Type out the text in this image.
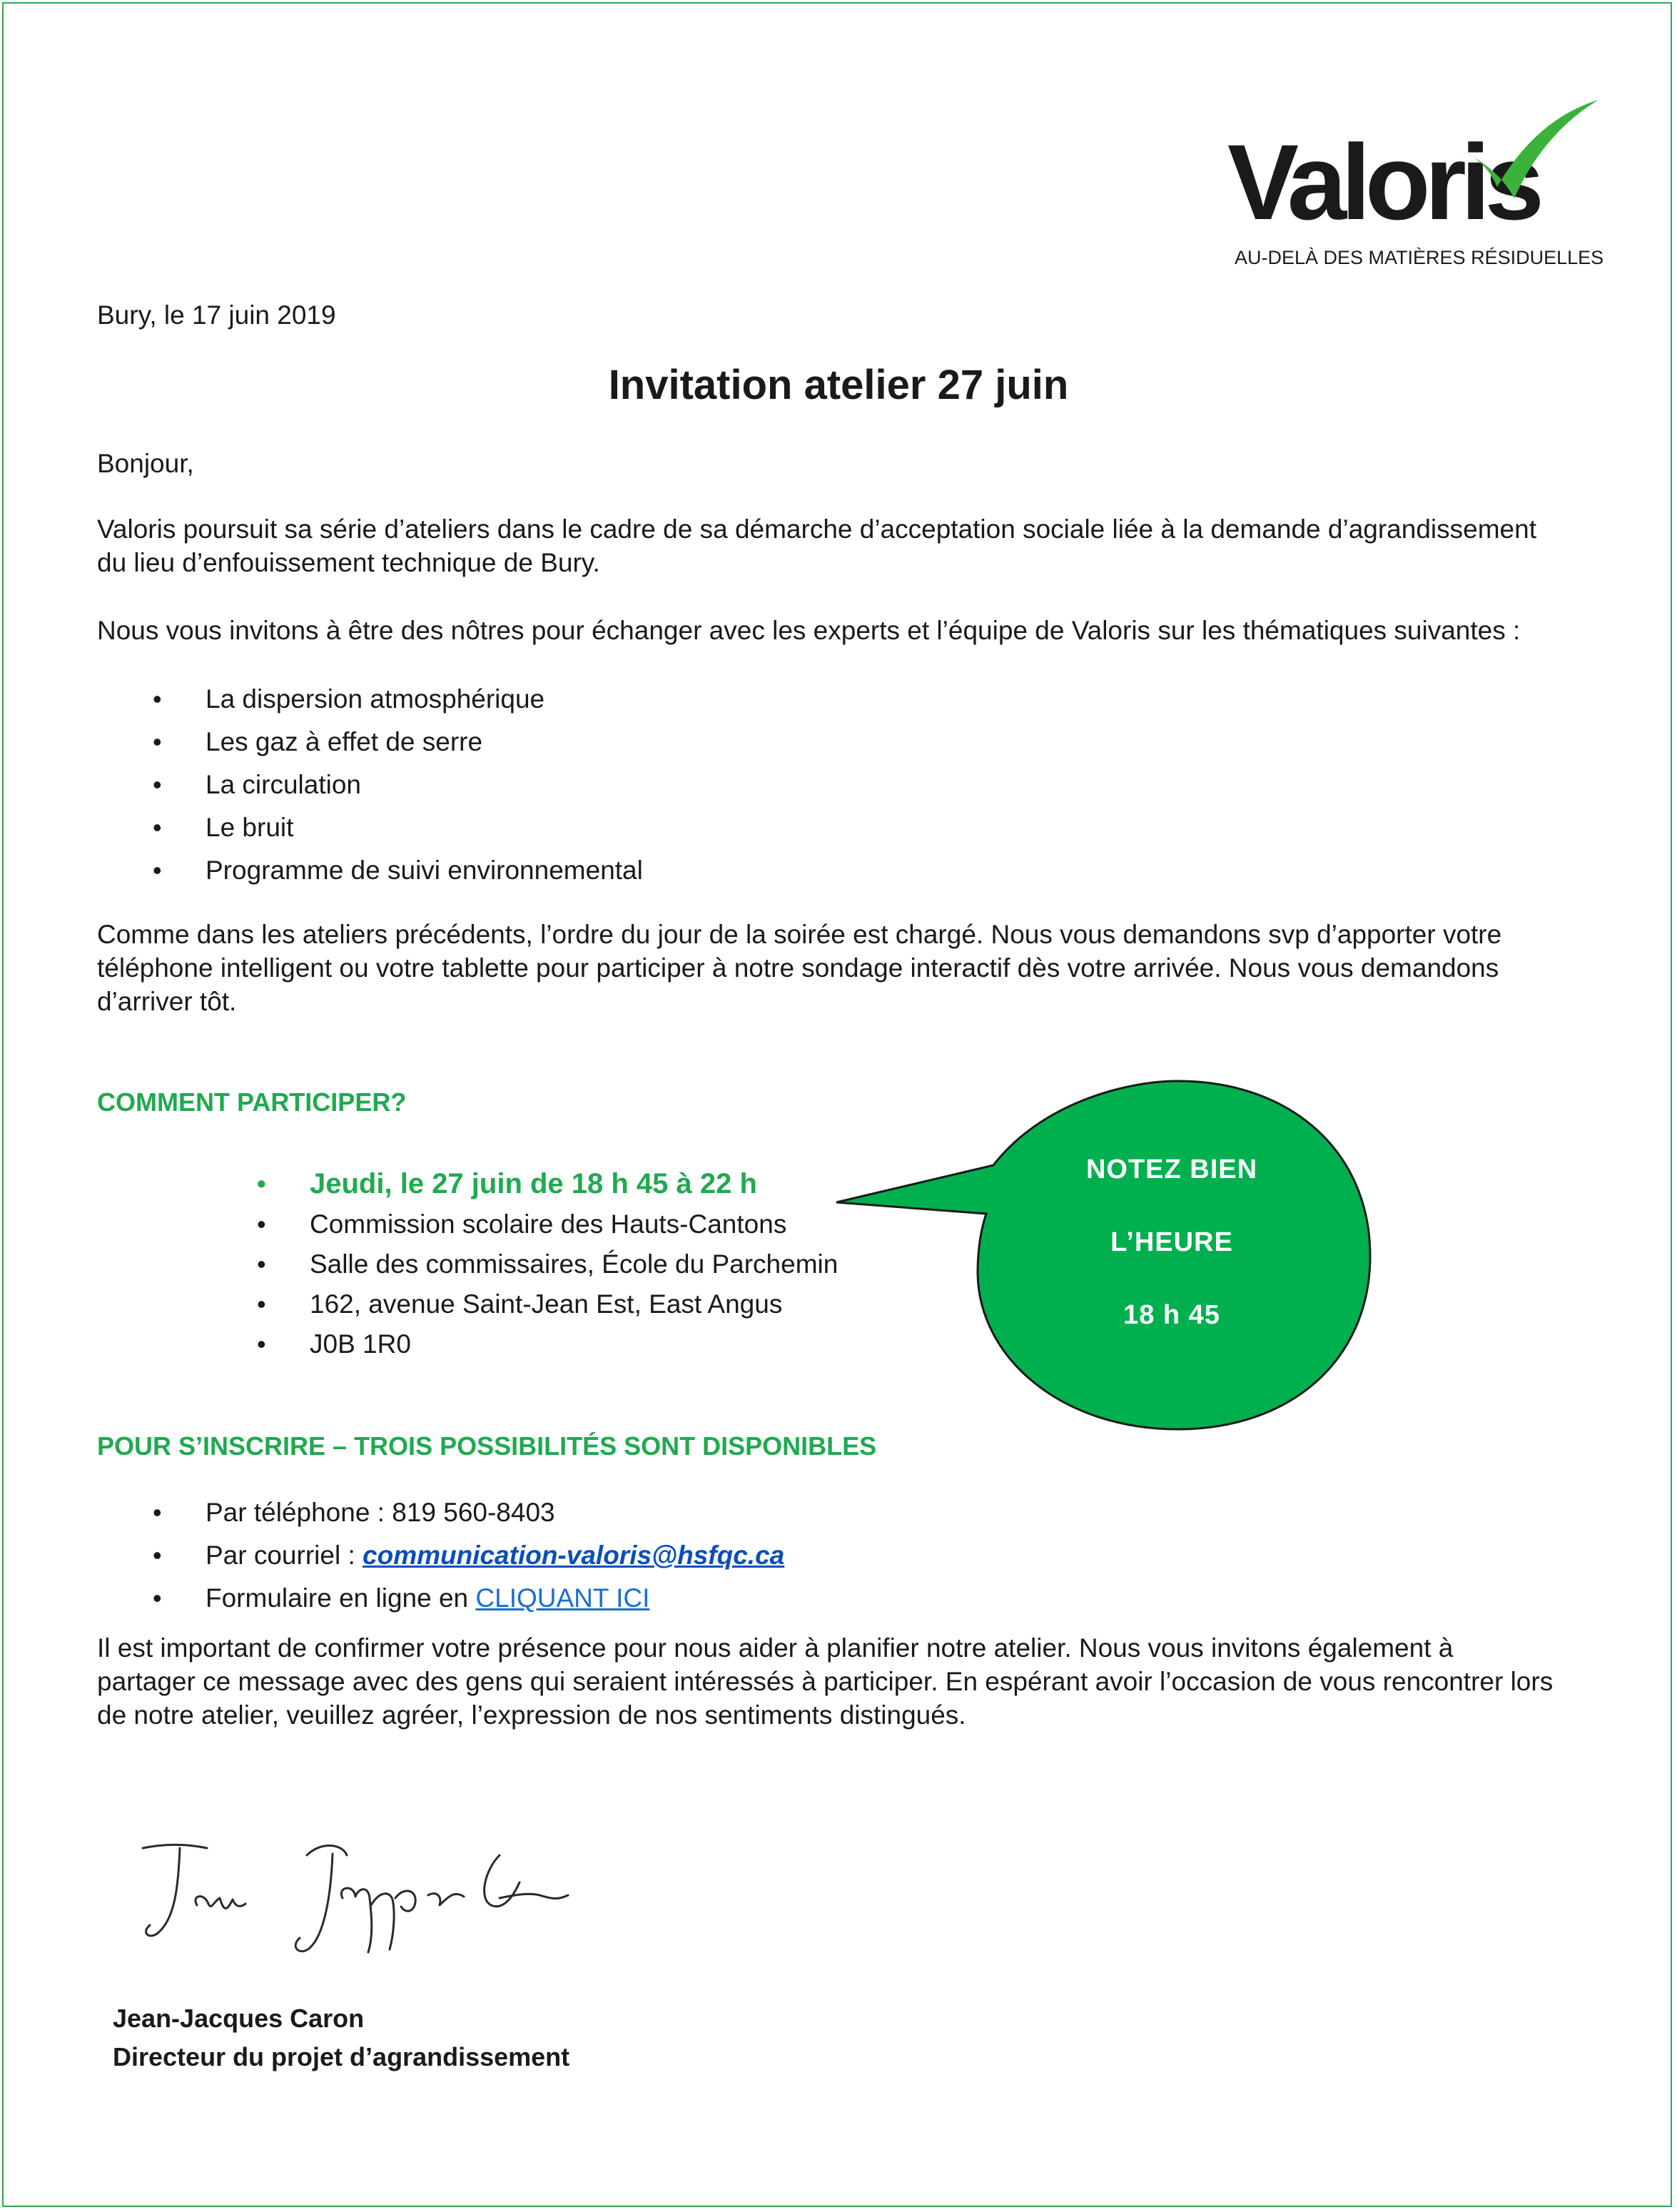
Valoris
AU-DELÀ DES MATIÈRES RÉSIDUELLES
Bury, le 17 juin 2019
Invitation atelier 27 juin
Bonjour,
Valoris poursuit sa série d’ateliers dans le cadre de sa démarche d’acceptation sociale liée à la demande d’agrandissement
du lieu d’enfouissement technique de Bury.
Nous vous invitons à être des nôtres pour échanger avec les experts et l’équipe de Valoris sur les thématiques suivantes :
• La dispersion atmosphérique
• Les gaz à effet de serre
• La circulation
• Le bruit
• Programme de suivi environnemental
Comme dans les ateliers précédents, l’ordre du jour de la soirée est chargé. Nous vous demandons svp d’apporter votre
téléphone intelligent ou votre tablette pour participer à notre sondage interactif dès votre arrivée. Nous vous demandons
d’arriver tôt.
COMMENT PARTICIPER?
• Jeudi, le 27 juin de 18 h 45 à 22 h
• Commission scolaire des Hauts-Cantons
• Salle des commissaires, École du Parchemin
• 162, avenue Saint-Jean Est, East Angus
• J0B 1R0
NOTEZ BIEN
L’HEURE
18 h 45
POUR S’INSCRIRE – TROIS POSSIBILITÉS SONT DISPONIBLES
• Par téléphone : 819 560-8403
• Par courriel : communication-valoris@hsfqc.ca
• Formulaire en ligne en CLIQUANT ICI
Il est important de confirmer votre présence pour nous aider à planifier notre atelier. Nous vous invitons également à
partager ce message avec des gens qui seraient intéressés à participer. En espérant avoir l’occasion de vous rencontrer lors
de notre atelier, veuillez agréer, l’expression de nos sentiments distingués.
Jean-Jacques Caron
Directeur du projet d’agrandissement
